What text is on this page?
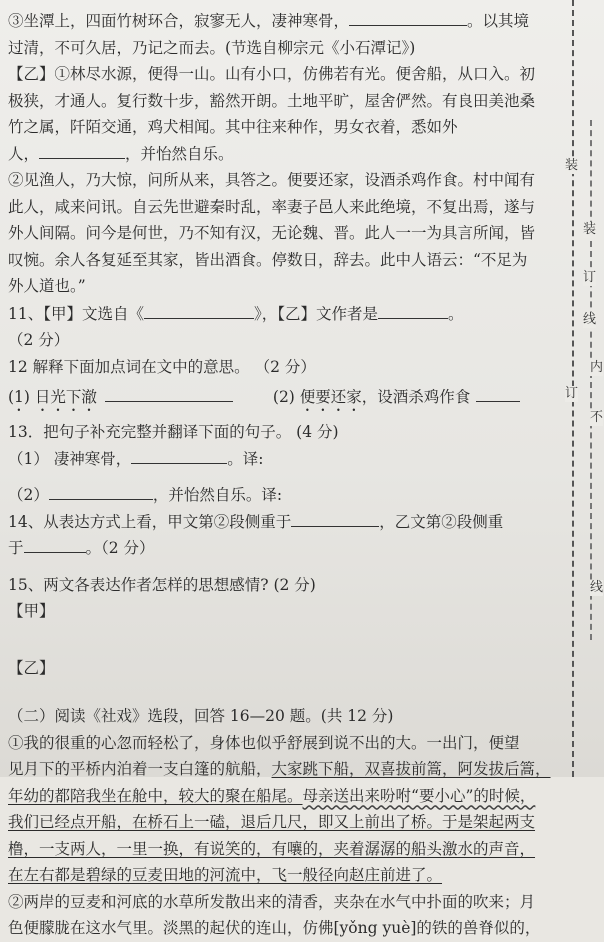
③坐潭上，四面竹树环合，寂寥无人，凄神寒骨，	。以其境
过清，不可久居，乃记之而去。(节选自柳宗元《小石潭记》)
【乙】①林尽水源，便得一山。山有小口，仿佛若有光。便舍船，从口入。初
极狭，才通人。复行数十步，豁然开朗。土地平旷，屋舍俨然。有良田美池桑
竹之属，阡陌交通，鸡犬相闻。其中往来种作，男女衣着，悉如外
人，	，并怡然自乐。
②见渔人，乃大惊，问所从来，具答之。便要还家，设酒杀鸡作食。村中闻有
此人，咸来问讯。自云先世避秦时乱，率妻子邑人来此绝境，不复出焉，遂与
外人间隔。问今是何世，乃不知有汉，无论魏、晋。此人一一为具言所闻，皆
叹惋。余人各复延至其家，皆出酒食。停数日，辞去。此中人语云：“不足为
外人道也。”
11、【甲】文选自《	》，【乙】文作者是	。
（2 分）
12 解释下面加点词在文中的意思。 （2 分）
(1) 日光下澈	(2) 便要还家，设酒杀鸡作食
13．把句子补充完整并翻译下面的句子。 (4 分)
（1） 凄神寒骨，	。译:
（2）	，并怡然自乐。译:
14、从表达方式上看，甲文第②段侧重于	，乙文第②段侧重
于	。（2 分）
15、两文各表达作者怎样的思想感情? (2 分)
【甲】
【乙】
（二）阅读《社戏》选段，回答 16—20 题。(共 12 分)
①我的很重的心忽而轻松了，身体也似乎舒展到说不出的大。一出门，便望
见月下的平桥内泊着一支白篷的航船，大家跳下船，双喜拔前篙，阿发拔后篙，
年幼的都陪我坐在舱中，较大的聚在船尾。母亲送出来吩咐“要小心”的时候，
我们已经点开船，在桥石上一磕，退后几尺，即又上前出了桥。于是架起两支
橹，一支两人，一里一换，有说笑的，有嚷的，夹着潺潺的船头激水的声音，
在左右都是碧绿的豆麦田地的河流中，飞一般径向赵庄前进了。
②两岸的豆麦和河底的水草所发散出来的清香，夹杂在水气中扑面的吹来；月
色便朦胧在这水气里。淡黑的起伏的连山，仿佛[yǒng yuè]的铁的兽脊似的，
装
装
订
线
内
订
不
线
